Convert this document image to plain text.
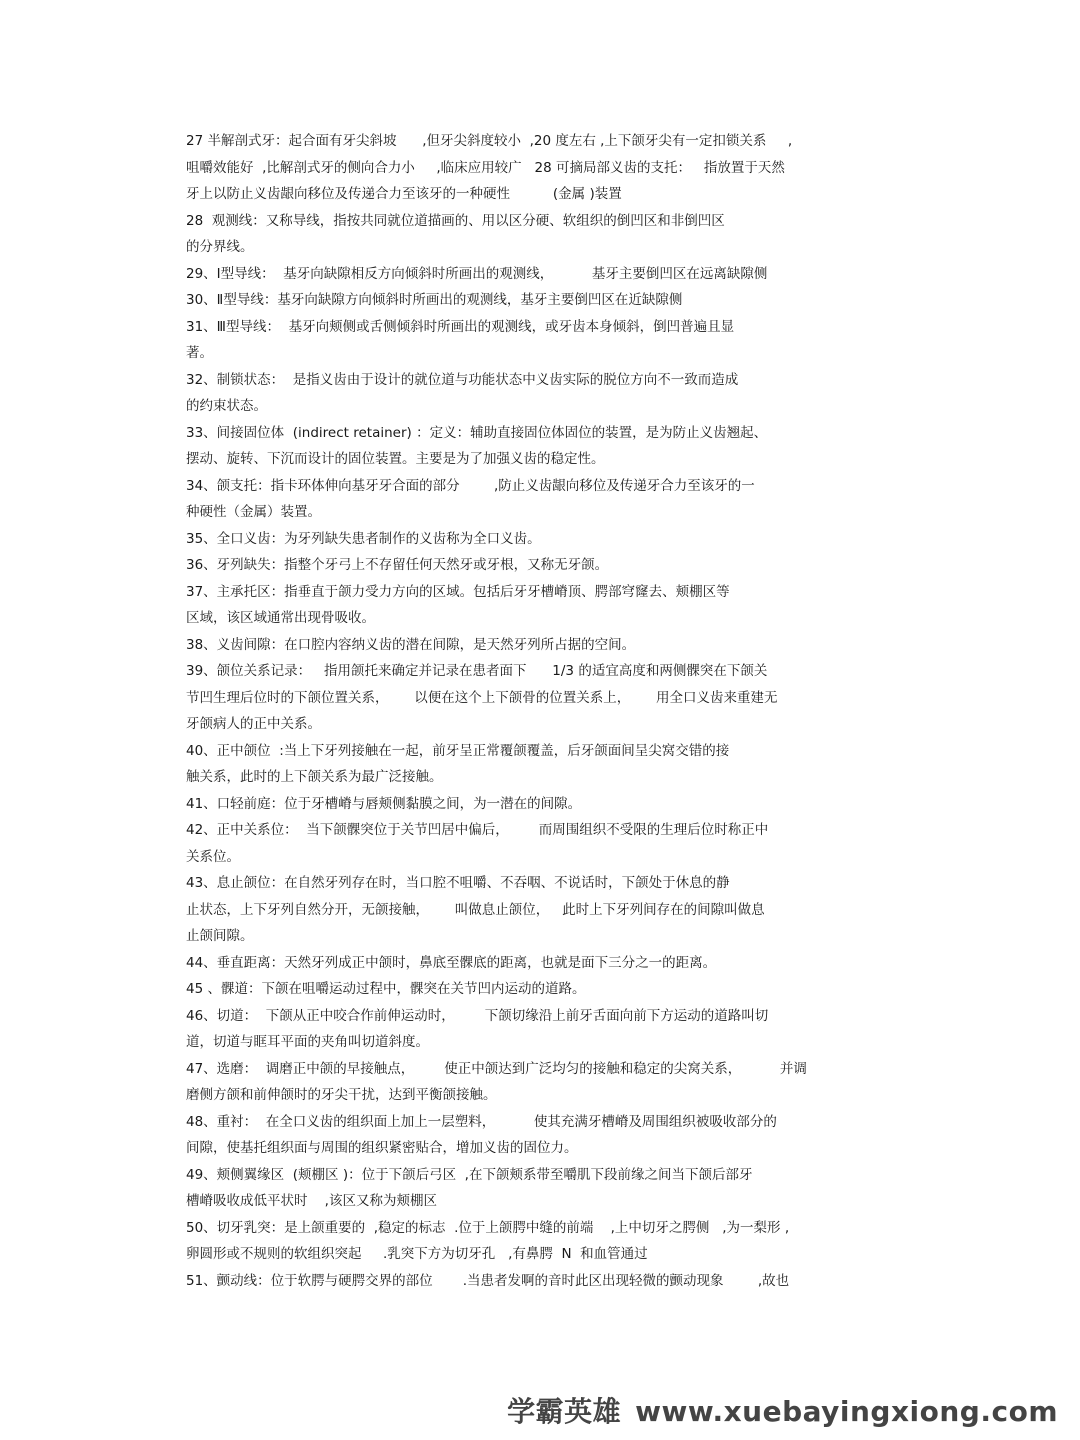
27 半解剖式牙：起合面有牙尖斜坡      ,但牙尖斜度较小  ,20 度左右 ,上下颌牙尖有一定扣锁关系     ,
咀嚼效能好  ,比解剖式牙的侧向合力小     ,临床应用较广   28 可摘局部义齿的支托：   指放置于天然
牙上以防止义齿龈向移位及传递合力至该牙的一种硬性          (金属 )装置
28  观测线：又称导线，指按共同就位道描画的、用以区分硬、软组织的倒凹区和非倒凹区
的分界线。
29、Ⅰ型导线：  基牙向缺隙相反方向倾斜时所画出的观测线，         基牙主要倒凹区在远离缺隙侧
30、Ⅱ型导线：基牙向缺隙方向倾斜时所画出的观测线，基牙主要倒凹区在近缺隙侧
31、Ⅲ型导线：  基牙向颊侧或舌侧倾斜时所画出的观测线，或牙齿本身倾斜，倒凹普遍且显
著。
32、制锁状态：  是指义齿由于设计的就位道与功能状态中义齿实际的脱位方向不一致而造成
的约束状态。
33、间接固位体  (indirect retainer) ：定义：辅助直接固位体固位的装置，是为防止义齿翘起、
摆动、旋转、下沉而设计的固位装置。主要是为了加强义齿的稳定性。
34、颌支托：指卡环体伸向基牙牙合面的部分        ,防止义齿龈向移位及传递牙合力至该牙的一
种硬性（金属）装置。
35、全口义齿：为牙列缺失患者制作的义齿称为全口义齿。
36、牙列缺失：指整个牙弓上不存留任何天然牙或牙根，又称无牙颌。
37、主承托区：指垂直于颌力受力方向的区域。包括后牙牙槽嵴顶、腭部穹窿去、颊棚区等
区域，该区域通常出现骨吸收。
38、义齿间隙：在口腔内容纳义齿的潜在间隙，是天然牙列所占据的空间。
39、颌位关系记录：   指用颌托来确定并记录在患者面下      1/3 的适宜高度和两侧髁突在下颌关
节凹生理后位时的下颌位置关系，      以便在这个上下颌骨的位置关系上，      用全口义齿来重建无
牙颌病人的正中关系。
40、正中颌位  :当上下牙列接触在一起，前牙呈正常覆颌覆盖，后牙颌面间呈尖窝交错的接
触关系，此时的上下颌关系为最广泛接触。
41、口轻前庭：位于牙槽嵴与唇颊侧黏膜之间，为一潜在的间隙。
42、正中关系位：  当下颌髁突位于关节凹居中偏后，       而周围组织不受限的生理后位时称正中
关系位。
43、息止颌位：在自然牙列存在时，当口腔不咀嚼、不吞咽、不说话时，下颌处于休息的静
止状态，上下牙列自然分开，无颌接触，      叫做息止颌位，   此时上下牙列间存在的间隙叫做息
止颌间隙。
44、垂直距离：天然牙列成正中颌时，鼻底至髁底的距离，也就是面下三分之一的距离。
45 、髁道：下颌在咀嚼运动过程中，髁突在关节凹内运动的道路。
46、切道：  下颌从正中咬合作前伸运动时，       下颌切缘沿上前牙舌面向前下方运动的道路叫切
道，切道与眶耳平面的夹角叫切道斜度。
47、选磨：  调磨正中颌的早接触点，       使正中颌达到广泛均匀的接触和稳定的尖窝关系，         并调
磨侧方颌和前伸颌时的牙尖干扰，达到平衡颌接触。
48、重衬：  在全口义齿的组织面上加上一层塑料，         使其充满牙槽嵴及周围组织被吸收部分的
间隙，使基托组织面与周围的组织紧密贴合，增加义齿的固位力。
49、颊侧翼缘区  (颊棚区 )：位于下颌后弓区  ,在下颌颊系带至嚼肌下段前缘之间当下颌后部牙
槽嵴吸收成低平状时    ,该区又称为颊棚区
50、切牙乳突：是上颌重要的  ,稳定的标志  .位于上颌腭中缝的前端    ,上中切牙之腭侧   ,为一梨形 ,
卵圆形或不规则的软组织突起     .乳突下方为切牙孔   ,有鼻腭  N  和血管通过
51、颤动线：位于软腭与硬腭交界的部位       .当患者发啊的音时此区出现轻微的颤动现象        ,故也
学霸英雄 www.xuebayingxiong.com
